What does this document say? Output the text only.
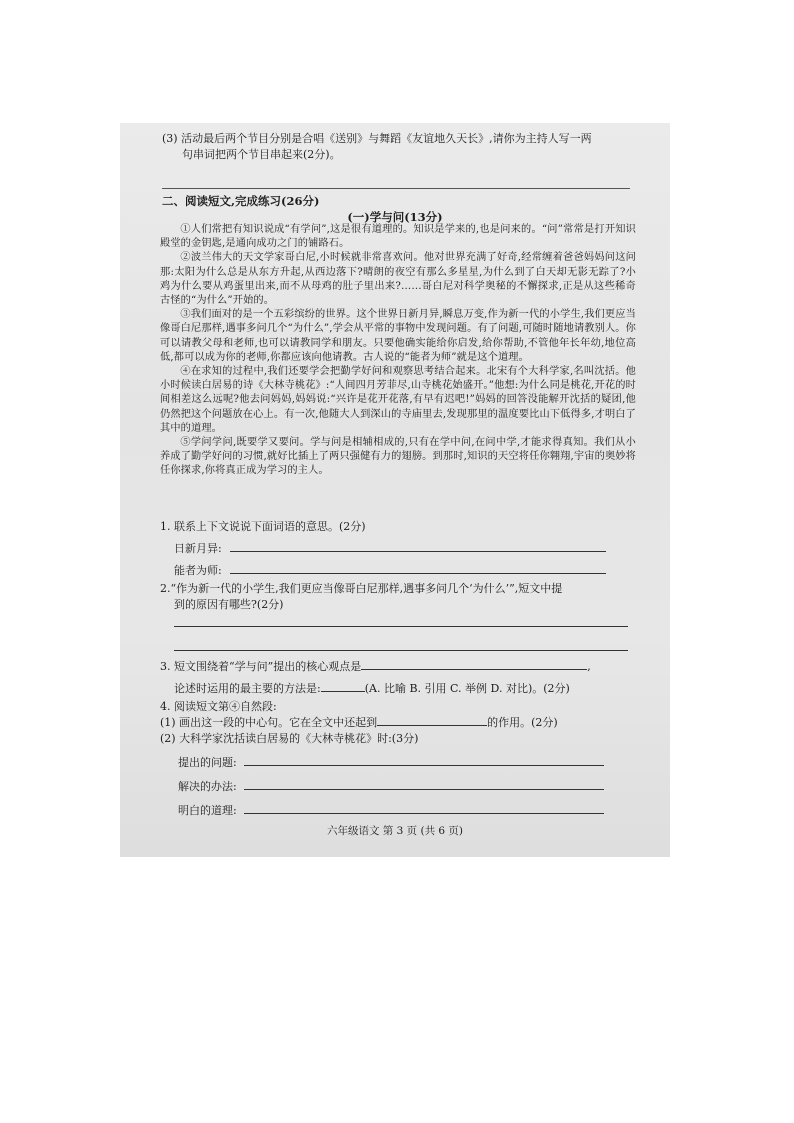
(3) 活动最后两个节目分别是合唱《送别》与舞蹈《友谊地久天长》,请你为主持人写一两
句串词把两个节目串起来(2分)。
二、阅读短文,完成练习(26分)
(一)学与问(13分)

①人们常把有知识说成“有学问”,这是很有道理的。知识是学来的,也是问来的。“问”常常是打开知识殿堂的金钥匙,是通向成功之门的铺路石。

②波兰伟大的天文学家哥白尼,小时候就非常喜欢问。他对世界充满了好奇,经常缠着爸爸妈妈问这问那:太阳为什么总是从东方升起,从西边落下?晴朗的夜空有那么多星星,为什么到了白天却无影无踪了?小鸡为什么要从鸡蛋里出来,而不从母鸡的肚子里出来?……哥白尼对科学奥秘的不懈探求,正是从这些稀奇古怪的“为什么”开始的。

③我们面对的是一个五彩缤纷的世界。这个世界日新月异,瞬息万变,作为新一代的小学生,我们更应当像哥白尼那样,遇事多问几个“为什么”,学会从平常的事物中发现问题。有了问题,可随时随地请教别人。你可以请教父母和老师,也可以请教同学和朋友。只要他确实能给你启发,给你帮助,不管他年长年幼,地位高低,都可以成为你的老师,你都应该向他请教。古人说的“能者为师”就是这个道理。

④在求知的过程中,我们还要学会把勤学好问和观察思考结合起来。北宋有个大科学家,名叫沈括。他小时候读白居易的诗《大林寺桃花》:“人间四月芳菲尽,山寺桃花始盛开。”他想:为什么同是桃花,开花的时间相差这么远呢?他去问妈妈,妈妈说:“兴许是花开花落,有早有迟吧!”妈妈的回答没能解开沈括的疑团,他仍然把这个问题放在心上。有一次,他随大人到深山的寺庙里去,发现那里的温度要比山下低得多,才明白了其中的道理。

⑤学问学问,既要学又要问。学与问是相辅相成的,只有在学中问,在问中学,才能求得真知。我们从小养成了勤学好问的习惯,就好比插上了两只强健有力的翅膀。到那时,知识的天空将任你翱翔,宇宙的奥妙将任你探求,你将真正成为学习的主人。

1. 联系上下文说说下面词语的意思。(2分)
日新月异:
能者为师:
2.“作为新一代的小学生,我们更应当像哥白尼那样,遇事多问几个‘为什么’”,短文中提
到的原因有哪些?(2分)
3. 短文围绕着“学与问”提出的核心观点是	,
论述时运用的最主要的方法是:	(A. 比喻 B. 引用 C. 举例 D. 对比)。(2分)
4. 阅读短文第④自然段:
(1) 画出这一段的中心句。它在全文中还起到	的作用。(2分)
(2) 大科学家沈括读白居易的《大林寺桃花》时:(3分)
提出的问题:
解决的办法:
明白的道理:
六年级语文 第 3 页 (共 6 页)
